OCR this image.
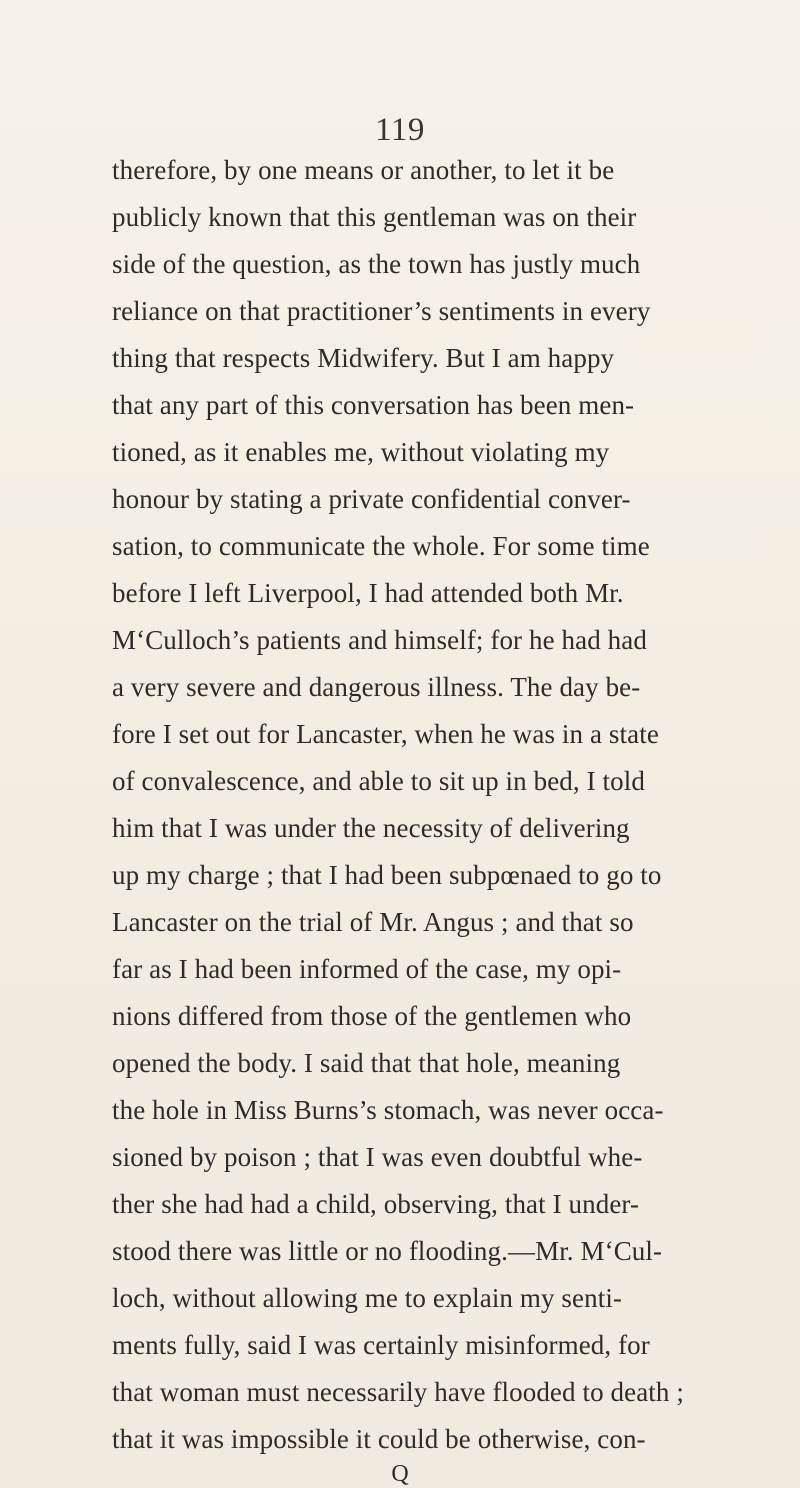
119
therefore, by one means or another, to let it be
publicly known that this gentleman was on their
side of the question, as the town has justly much
reliance on that practitioner’s sentiments in every
thing that respects Midwifery. But I am happy
that any part of this conversation has been men-
tioned, as it enables me, without violating my
honour by stating a private confidential conver-
sation, to communicate the whole. For some time
before I left Liverpool, I had attended both Mr.
M‘Culloch’s patients and himself; for he had had
a very severe and dangerous illness. The day be-
fore I set out for Lancaster, when he was in a state
of convalescence, and able to sit up in bed, I told
him that I was under the necessity of delivering
up my charge ; that I had been subpœnaed to go to
Lancaster on the trial of Mr. Angus ; and that so
far as I had been informed of the case, my opi-
nions differed from those of the gentlemen who
opened the body. I said that that hole, meaning
the hole in Miss Burns’s stomach, was never occa-
sioned by poison ; that I was even doubtful whe-
ther she had had a child, observing, that I under-
stood there was little or no flooding.—Mr. M‘Cul-
loch, without allowing me to explain my senti-
ments fully, said I was certainly misinformed, for
that woman must necessarily have flooded to death ;
that it was impossible it could be otherwise, con-
Q
